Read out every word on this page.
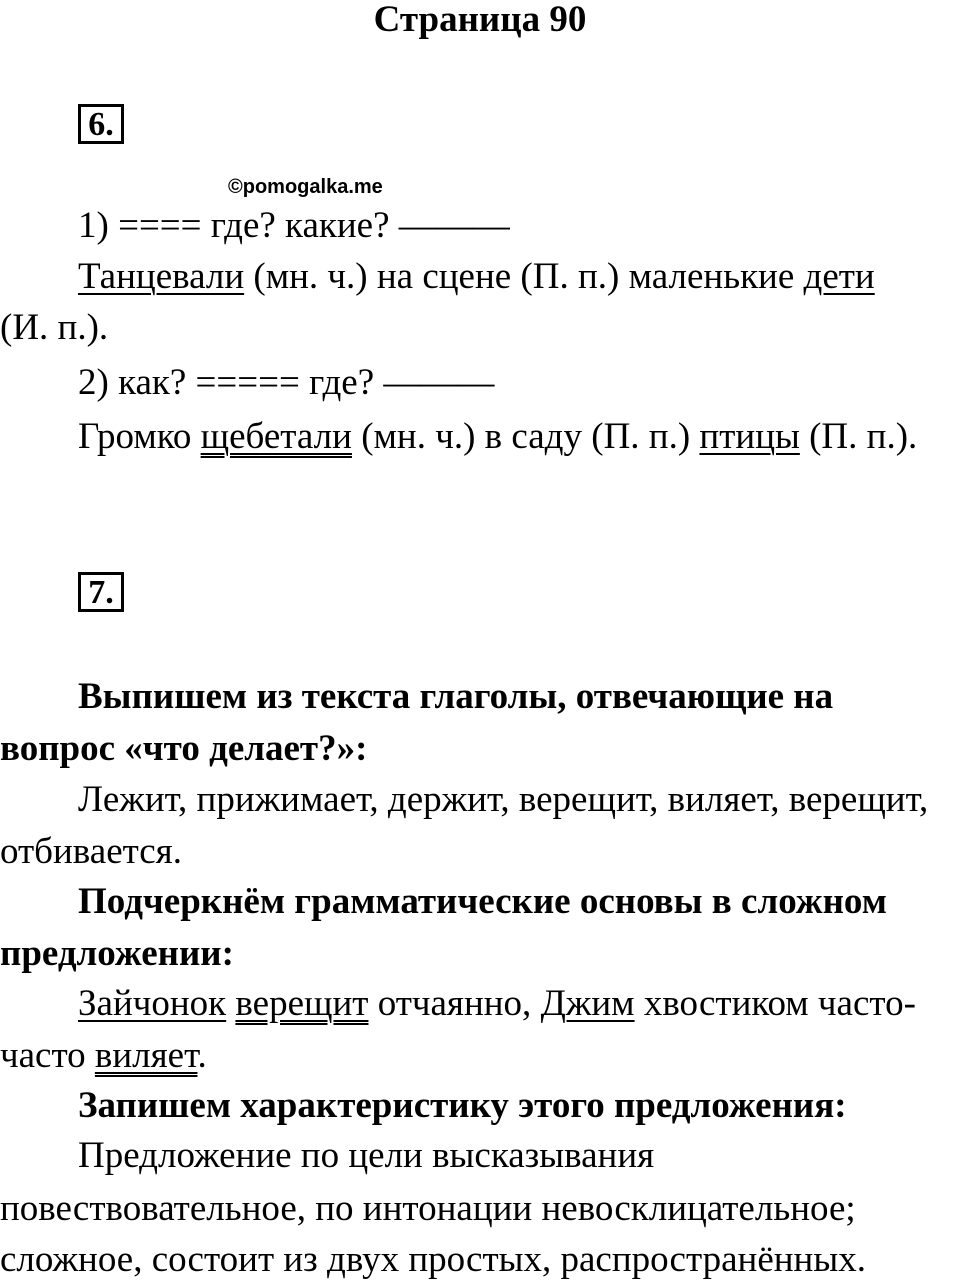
Страница 90
6.
©pomogalka.me
1) ==== где? какие? ———
Танцевали (мн. ч.) на сцене (П. п.) маленькие дети
(И. п.).
2) как? ===== где? ———
Громко щебетали (мн. ч.) в саду (П. п.) птицы (П. п.).
7.
Выпишем из текста глаголы, отвечающие на
вопрос «что делает?»:
Лежит, прижимает, держит, верещит, виляет, верещит,
отбивается.
Подчеркнём грамматические основы в сложном
предложении:
Зайчонок верещит отчаянно, Джим хвостиком часто-
часто виляет.
Запишем характеристику этого предложения:
Предложение по цели высказывания
повествовательное, по интонации невосклицательное;
сложное, состоит из двух простых, распространённых.
